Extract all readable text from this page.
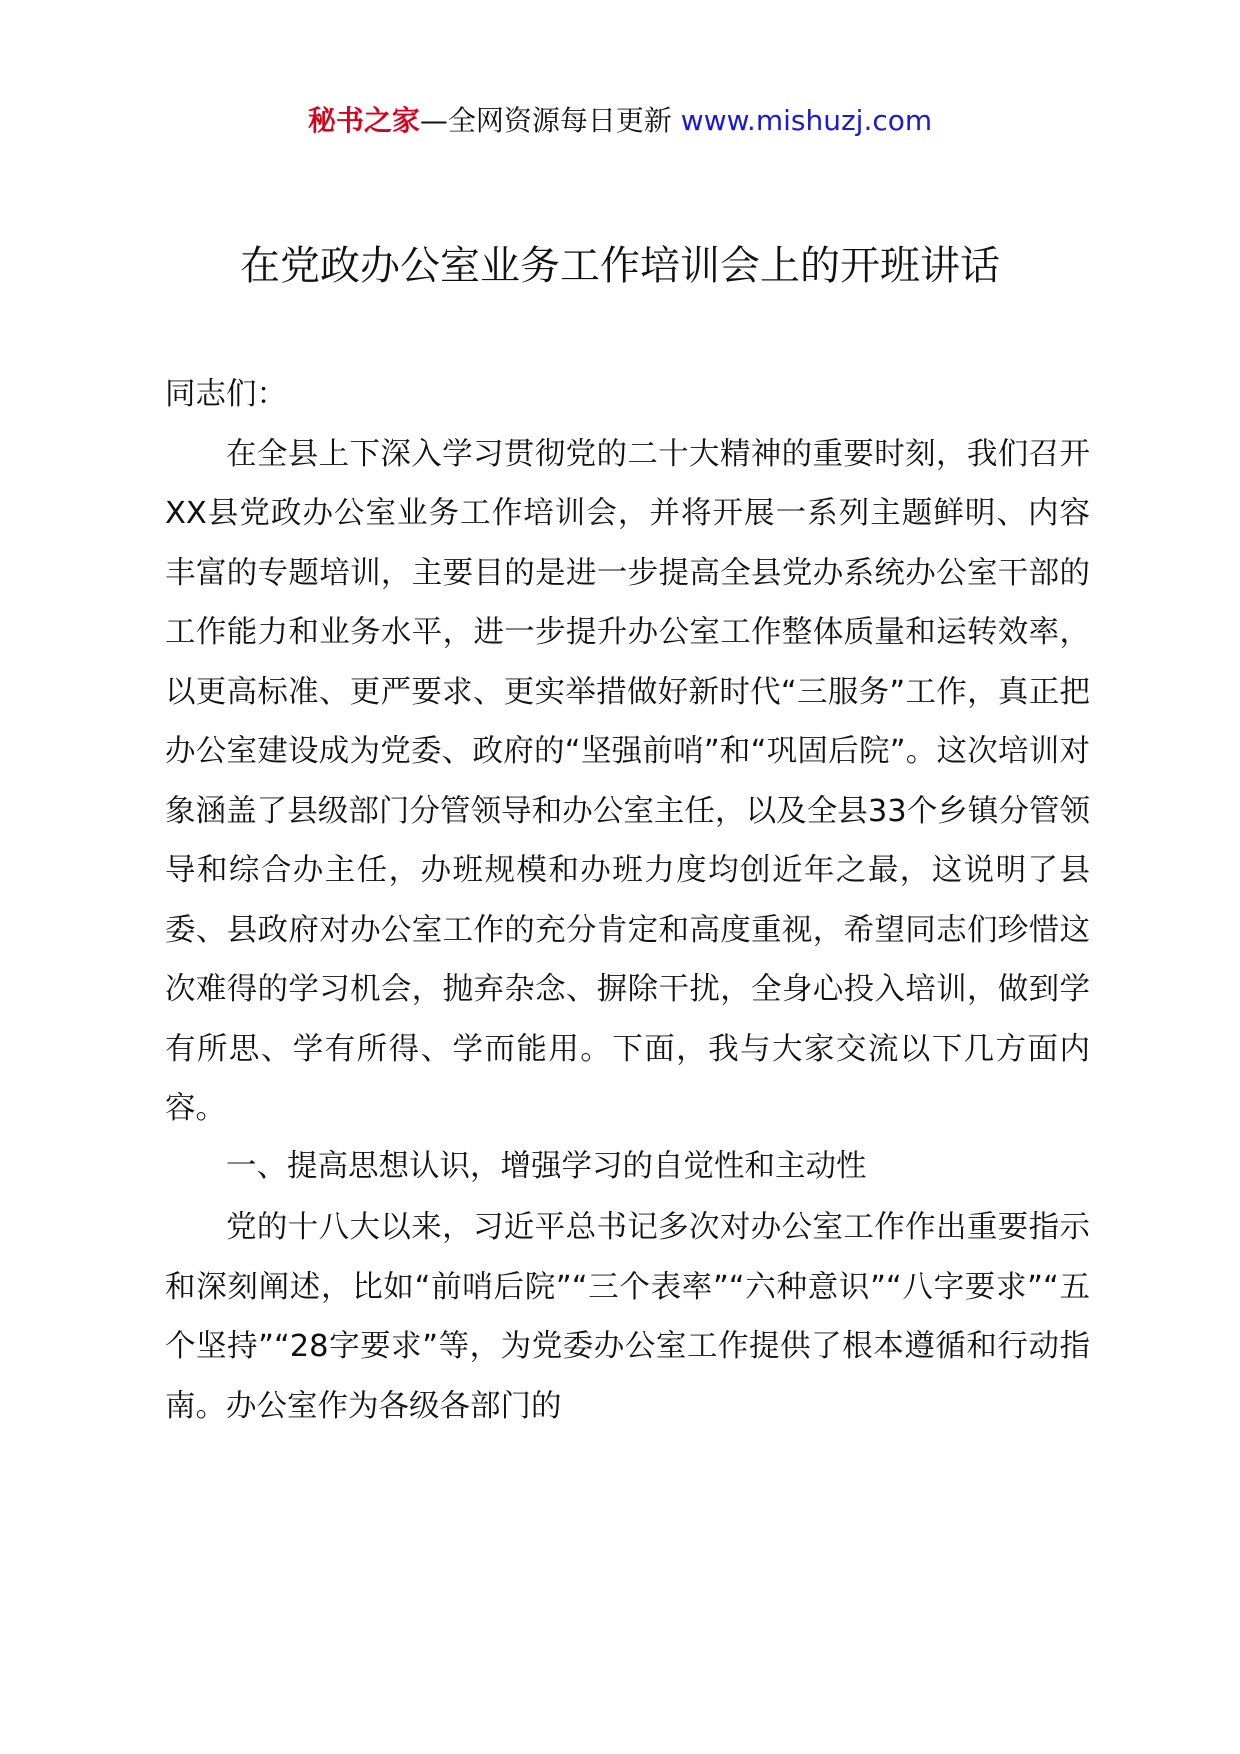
秘书之家—全网资源每日更新 www.mishuzj.com
在党政办公室业务工作培训会上的开班讲话

同志们：

在全县上下深入学习贯彻党的二十大精神的重要时刻，我们召开XX县党政办公室业务工作培训会，并将开展一系列主题鲜明、内容丰富的专题培训，主要目的是进一步提高全县党办系统办公室干部的工作能力和业务水平，进一步提升办公室工作整体质量和运转效率，以更高标准、更严要求、更实举措做好新时代“三服务”工作，真正把办公室建设成为党委、政府的“坚强前哨”和“巩固后院”。这次培训对象涵盖了县级部门分管领导和办公室主任，以及全县33个乡镇分管领导和综合办主任，办班规模和办班力度均创近年之最，这说明了县委、县政府对办公室工作的充分肯定和高度重视，希望同志们珍惜这次难得的学习机会，抛弃杂念、摒除干扰，全身心投入培训，做到学有所思、学有所得、学而能用。下面，我与大家交流以下几方面内容。

一、提高思想认识，增强学习的自觉性和主动性

党的十八大以来，习近平总书记多次对办公室工作作出重要指示和深刻阐述，比如“前哨后院”“三个表率”“六种意识”“八字要求”“五个坚持”“28字要求”等，为党委办公室工作提供了根本遵循和行动指南。办公室作为各级各部门的
